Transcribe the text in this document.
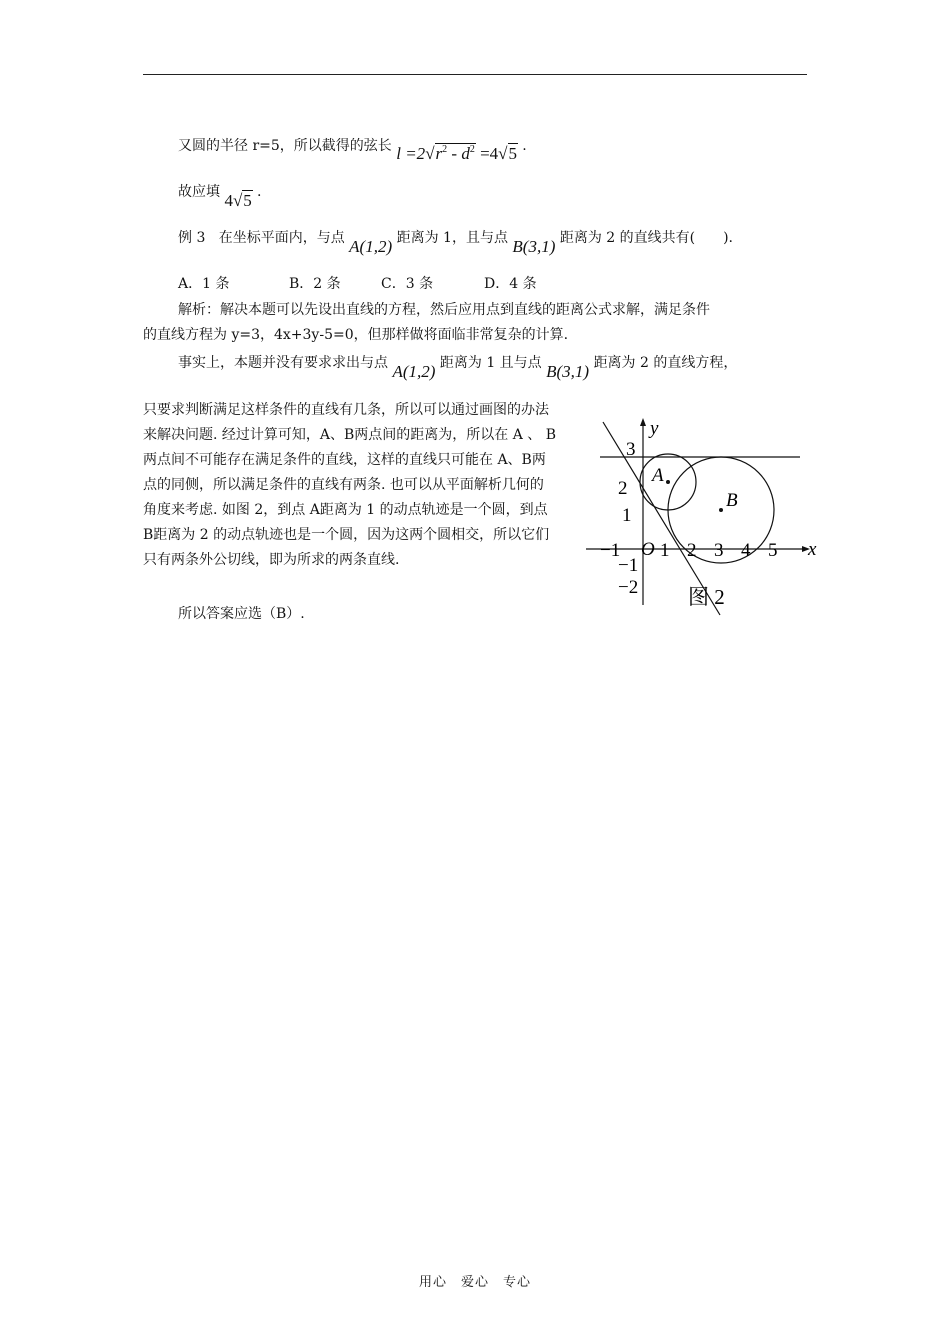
又圆的半径 r=5，所以截得的弦长 $l =2√r^2 - d^2 =4√5$ .
故应填 4√5 .
例 3 在坐标平面内，与点 A(1,2) 距离为 1，且与点 B(3,1) 距离为 2 的直线共有(　　).
A．1 条	B．2 条	C．3 条	D．4 条
解析：解决本题可以先设出直线的方程，然后应用点到直线的距离公式求解，满足条件
的直线方程为 y=3，4x+3y-5=0，但那样做将面临非常复杂的计算.
事实上，本题并没有要求求出与点 A(1,2) 距离为 1 且与点 B(3,1) 距离为 2 的直线方程，
只要求判断满足这样条件的直线有几条，所以可以通过画图的办法来解决问题. 经过计算可知，A、B两点间的距离为，所以在 A 、 B两点间不可能存在满足条件的直线，这样的直线只可能在 A、B两点的同侧，所以满足条件的直线有两条. 也可以从平面解析几何的角度来考虑. 如图 2，到点 A距离为 1 的动点轨迹是一个圆，到点 B距离为 2 的动点轨迹也是一个圆，因为这两个圆相交，所以它们只有两条外公切线，即为所求的两条直线.
所以答案应选（B）.
A
B
x
y
O
−1 1 2 3 4 5
3
2
1
−1
−2 图 2
用心　爱心　专心
